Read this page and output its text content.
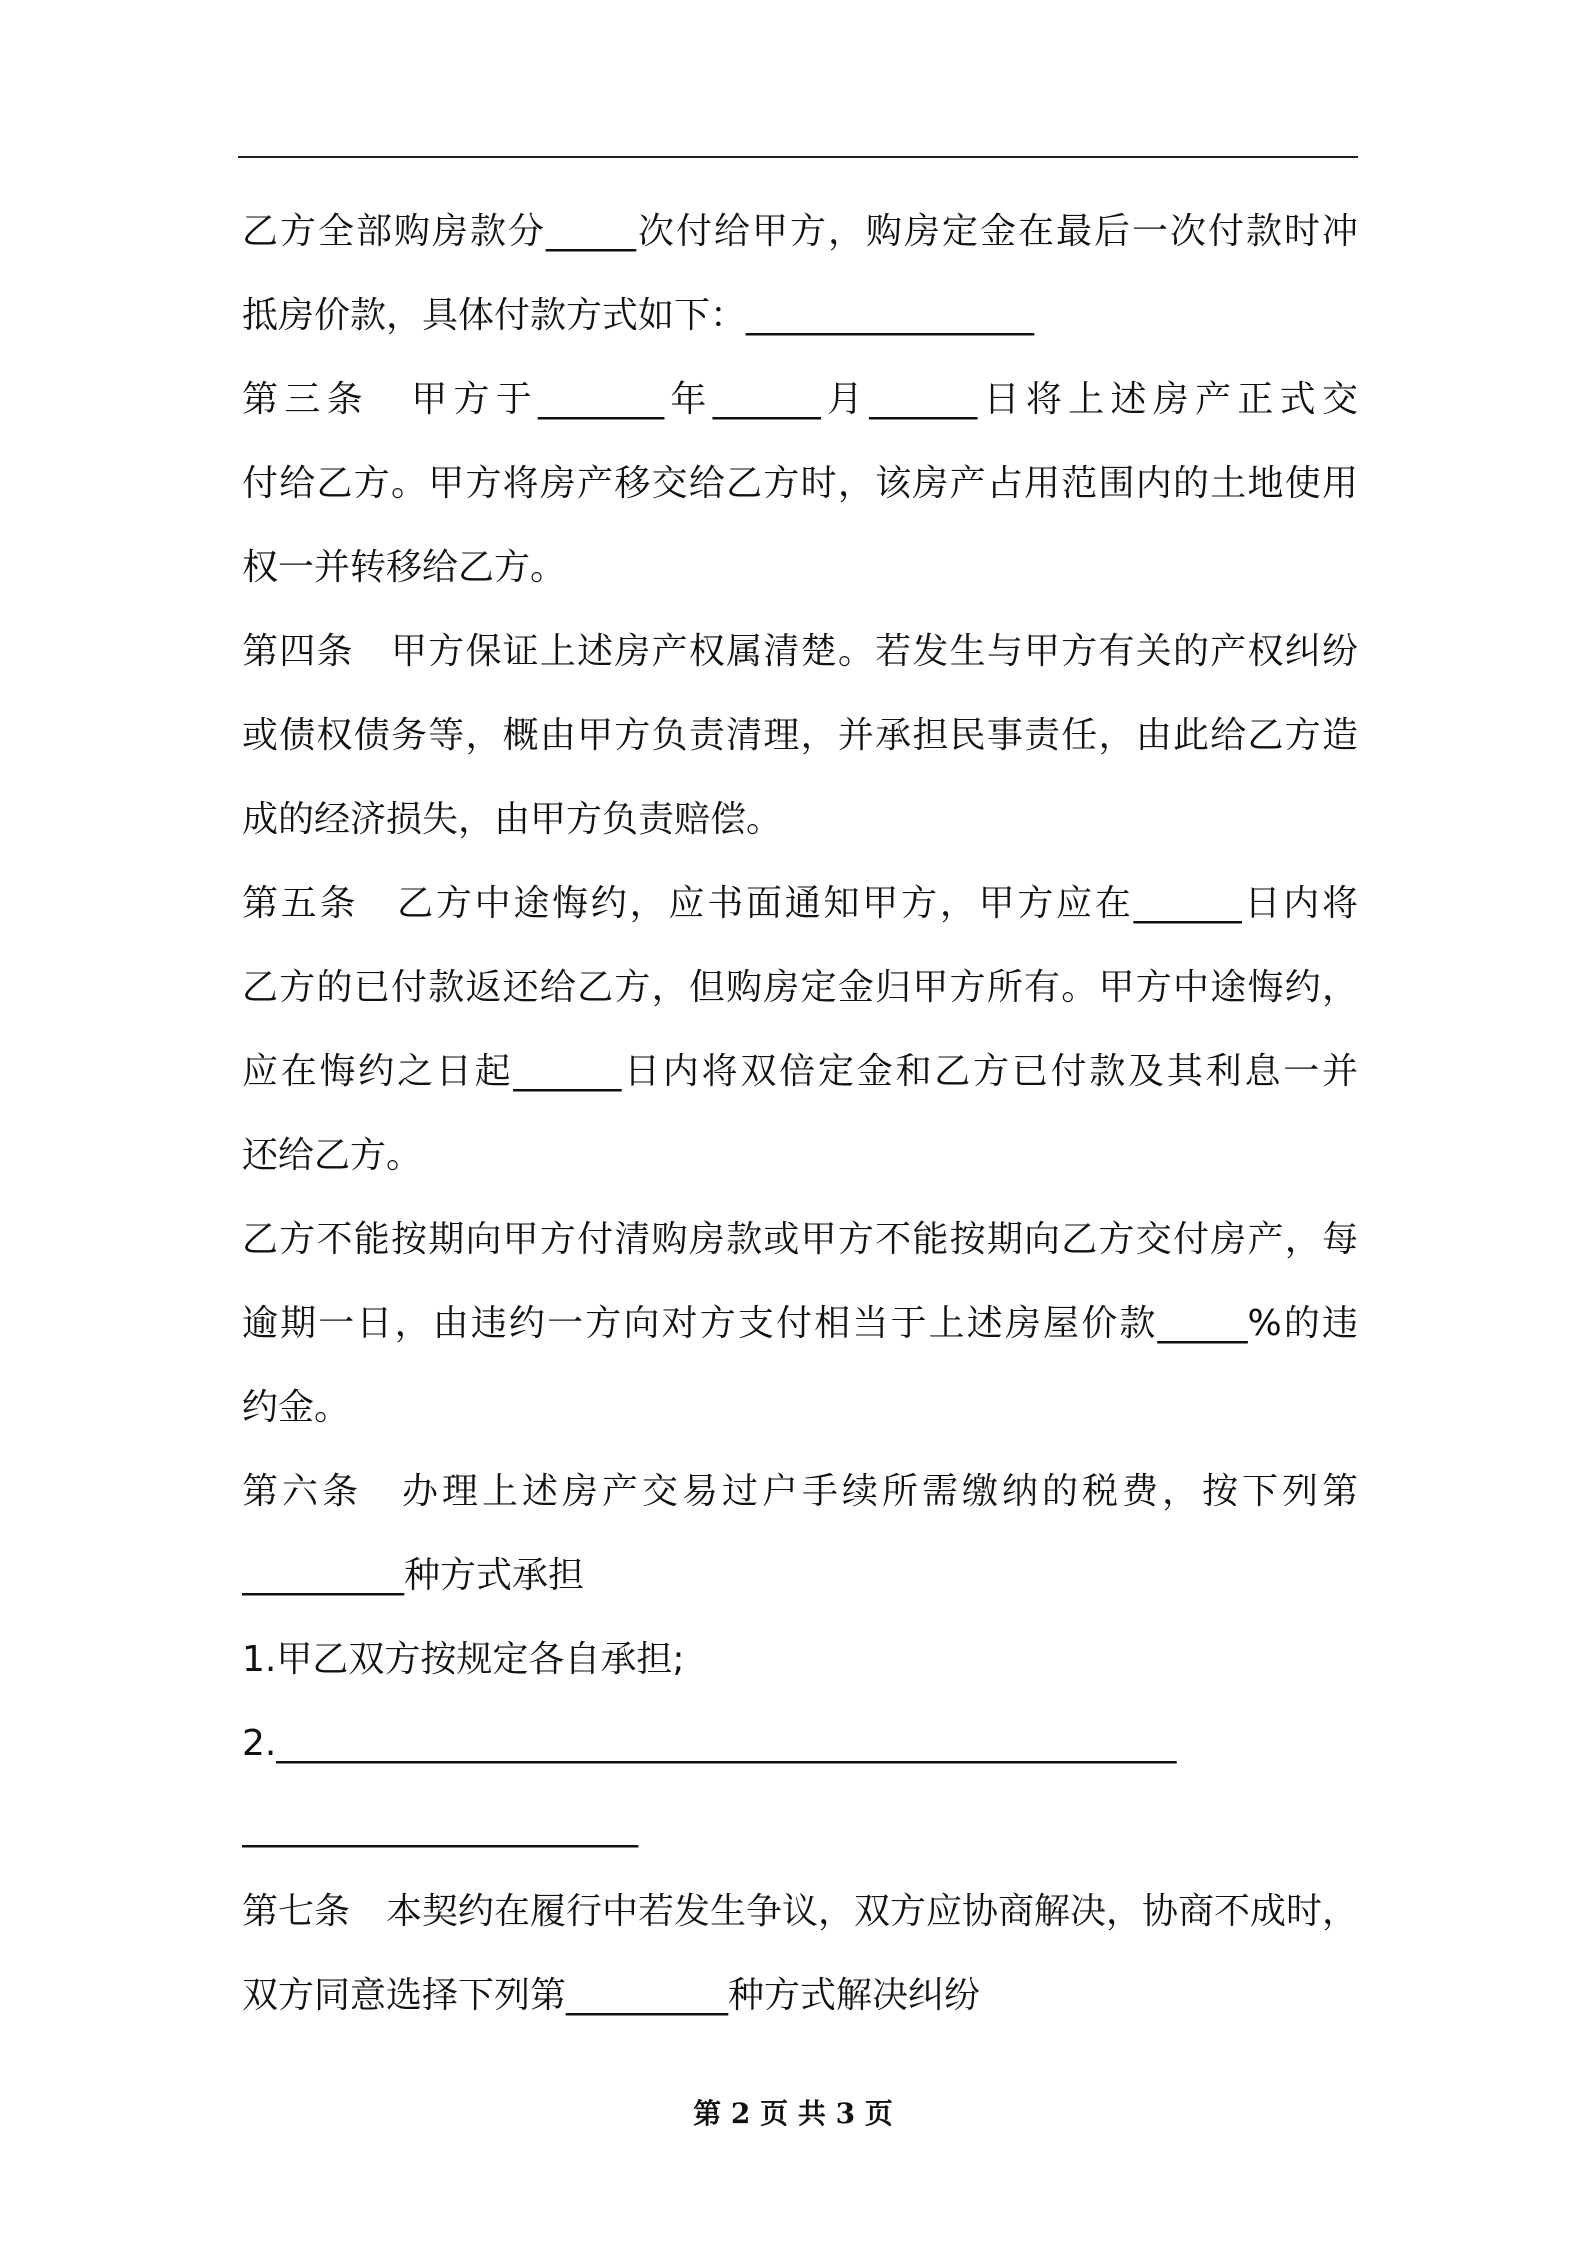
乙方全部购房款分_____次付给甲方，购房定金在最后一次付款时冲
抵房价款，具体付款方式如下：________________
第三条　甲方于_______年______月______日将上述房产正式交
付给乙方。甲方将房产移交给乙方时，该房产占用范围内的土地使用
权一并转移给乙方。
第四条　甲方保证上述房产权属清楚。若发生与甲方有关的产权纠纷
或债权债务等，概由甲方负责清理，并承担民事责任，由此给乙方造
成的经济损失，由甲方负责赔偿。
第五条　乙方中途悔约，应书面通知甲方，甲方应在______日内将
乙方的已付款返还给乙方，但购房定金归甲方所有。甲方中途悔约，
应在悔约之日起______日内将双倍定金和乙方已付款及其利息一并
还给乙方。
乙方不能按期向甲方付清购房款或甲方不能按期向乙方交付房产，每
逾期一日，由违约一方向对方支付相当于上述房屋价款_____%的违
约金。
第六条　办理上述房产交易过户手续所需缴纳的税费，按下列第
_________种方式承担
1.甲乙双方按规定各自承担;
2.__________________________________________________
______________________
第七条　本契约在履行中若发生争议，双方应协商解决，协商不成时，
双方同意选择下列第_________种方式解决纠纷
第 2 页 共 3 页
